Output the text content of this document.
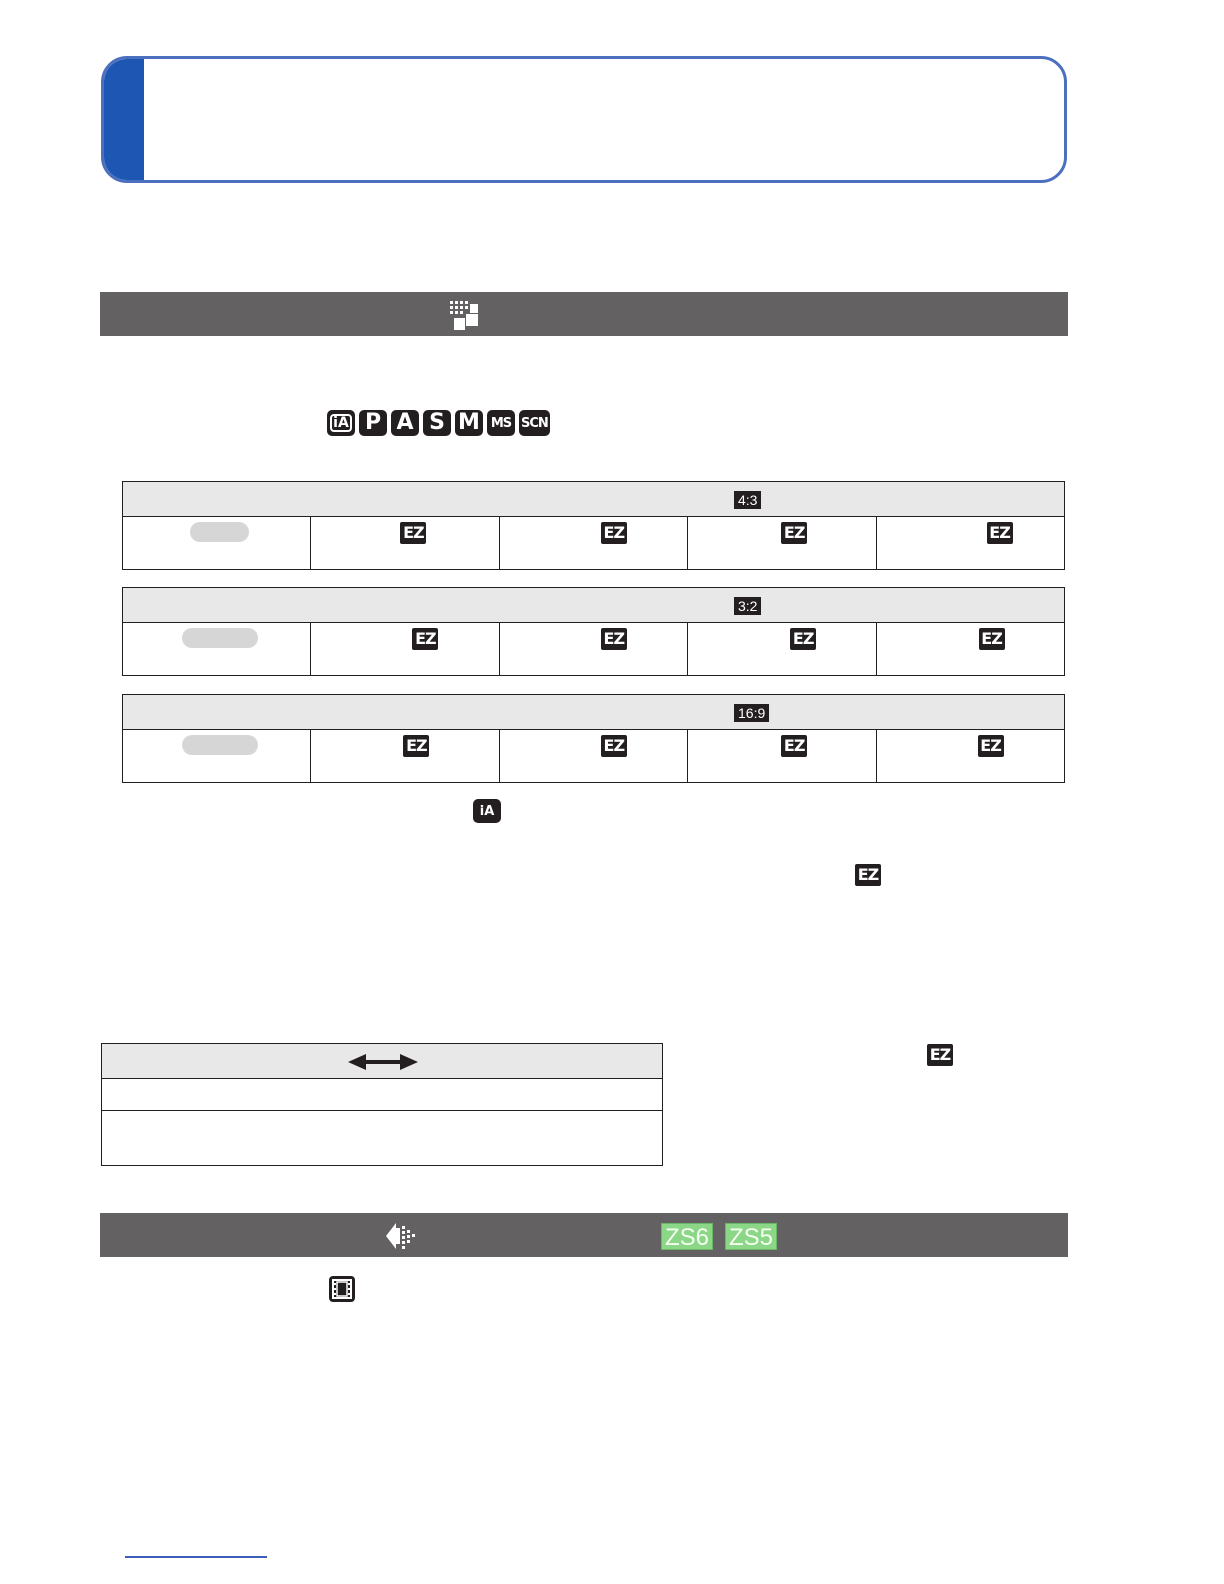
iA P A S M MS SCN
4:3

EZ	EZ	EZ	EZ
3:2

EZ	EZ	EZ	EZ
16:9

EZ	EZ	EZ	EZ
iA
EZ

EZ
ZS6 ZS5
